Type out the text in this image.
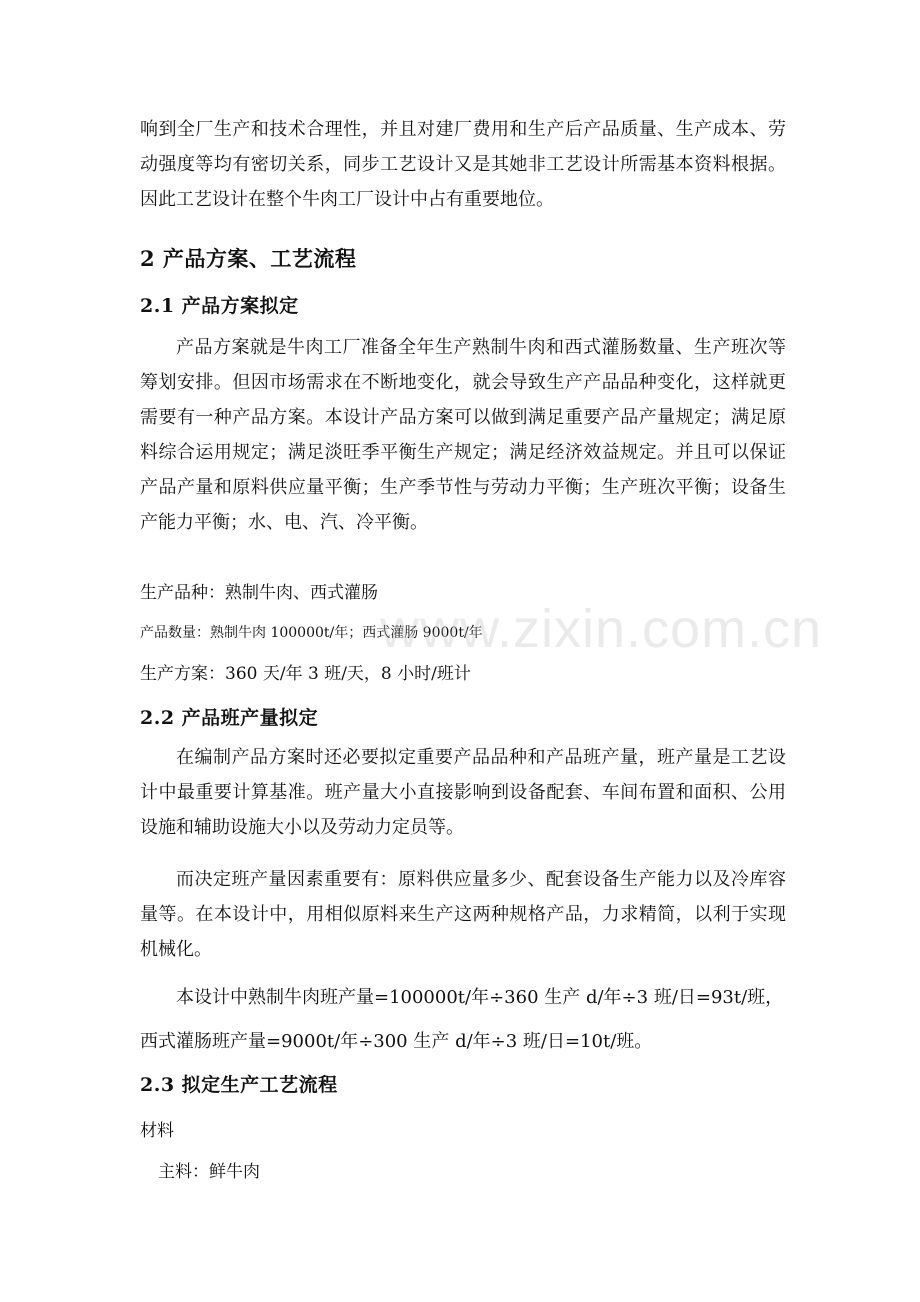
响到全厂生产和技术合理性，并且对建厂费用和生产后产品质量、生产成本、劳动强度等均有密切关系，同步工艺设计又是其她非工艺设计所需基本资料根据。因此工艺设计在整个牛肉工厂设计中占有重要地位。

2 产品方案、工艺流程

2.1 产品方案拟定

产品方案就是牛肉工厂准备全年生产熟制牛肉和西式灌肠数量、生产班次等筹划安排。但因市场需求在不断地变化，就会导致生产产品品种变化，这样就更需要有一种产品方案。本设计产品方案可以做到满足重要产品产量规定；满足原料综合运用规定；满足淡旺季平衡生产规定；满足经济效益规定。并且可以保证产品产量和原料供应量平衡；生产季节性与劳动力平衡；生产班次平衡；设备生产能力平衡；水、电、汽、冷平衡。

生产品种：熟制牛肉、西式灌肠

产品数量：熟制牛肉 100000t/年；西式灌肠 9000t/年

生产方案：360 天/年 3 班/天，8 小时/班计

2.2 产品班产量拟定

在编制产品方案时还必要拟定重要产品品种和产品班产量，班产量是工艺设计中最重要计算基准。班产量大小直接影响到设备配套、车间布置和面积、公用设施和辅助设施大小以及劳动力定员等。

而决定班产量因素重要有：原料供应量多少、配套设备生产能力以及冷库容量等。在本设计中，用相似原料来生产这两种规格产品，力求精简，以利于实现机械化。

本设计中熟制牛肉班产量=100000t/年÷360 生产 d/年÷3 班/日=93t/班，

西式灌肠班产量=9000t/年÷300 生产 d/年÷3 班/日=10t/班。

2.3 拟定生产工艺流程

材料

主料：鲜牛肉

www.zixin.com.cn
